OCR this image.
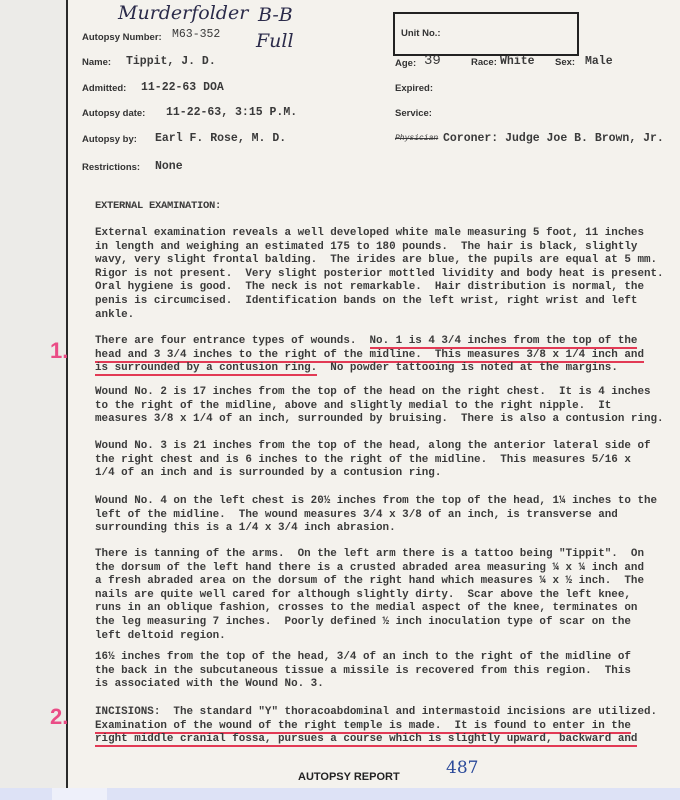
Murderfolder B-B
Full
Autopsy Number: M63-352
Name: Tippit, J. D.
Admitted: 11-22-63 DOA
Autopsy date: 11-22-63, 3:15 P.M.
Autopsy by: Earl F. Rose, M. D.
Restrictions: None
Unit No.:
Age: 39	Race: White Sex: Male
Expired:
Service:
Physician Coroner: Judge Joe B. Brown, Jr.
EXTERNAL EXAMINATION:
External examination reveals a well developed white male measuring 5 foot, 11 inches
in length and weighing an estimated 175 to 180 pounds.  The hair is black, slightly
wavy, very slight frontal balding.  The irides are blue, the pupils are equal at 5 mm.
Rigor is not present.  Very slight posterior mottled lividity and body heat is present.
Oral hygiene is good.  The neck is not remarkable.  Hair distribution is normal, the
penis is circumcised.  Identification bands on the left wrist, right wrist and left
ankle.
There are four entrance types of wounds.  No. 1 is 4 3/4 inches from the top of the
head and 3 3/4 inches to the right of the midline.  This measures 3/8 x 1/4 inch and
is surrounded by a contusion ring.  No powder tattooing is noted at the margins.
Wound No. 2 is 17 inches from the top of the head on the right chest.  It is 4 inches
to the right of the midline, above and slightly medial to the right nipple.  It
measures 3/8 x 1/4 of an inch, surrounded by bruising.  There is also a contusion ring.
Wound No. 3 is 21 inches from the top of the head, along the anterior lateral side of
the right chest and is 6 inches to the right of the midline.  This measures 5/16 x
1/4 of an inch and is surrounded by a contusion ring.
Wound No. 4 on the left chest is 20½ inches from the top of the head, 1¼ inches to the
left of the midline.  The wound measures 3/4 x 3/8 of an inch, is transverse and
surrounding this is a 1/4 x 3/4 inch abrasion.
There is tanning of the arms.  On the left arm there is a tattoo being "Tippit".  On
the dorsum of the left hand there is a crusted abraded area measuring ¼ x ¼ inch and
a fresh abraded area on the dorsum of the right hand which measures ¼ x ½ inch.  The
nails are quite well cared for although slightly dirty.  Scar above the left knee,
runs in an oblique fashion, crosses to the medial aspect of the knee, terminates on
the leg measuring 7 inches.  Poorly defined ½ inch inoculation type of scar on the
left deltoid region.
16½ inches from the top of the head, 3/4 of an inch to the right of the midline of
the back in the subcutaneous tissue a missile is recovered from this region.  This
is associated with the Wound No. 3.
INCISIONS:  The standard "Y" thoracoabdominal and intermastoid incisions are utilized.
Examination of the wound of the right temple is made.  It is found to enter in the
right middle cranial fossa, pursues a course which is slightly upward, backward and
1.
2.
487
AUTOPSY REPORT
